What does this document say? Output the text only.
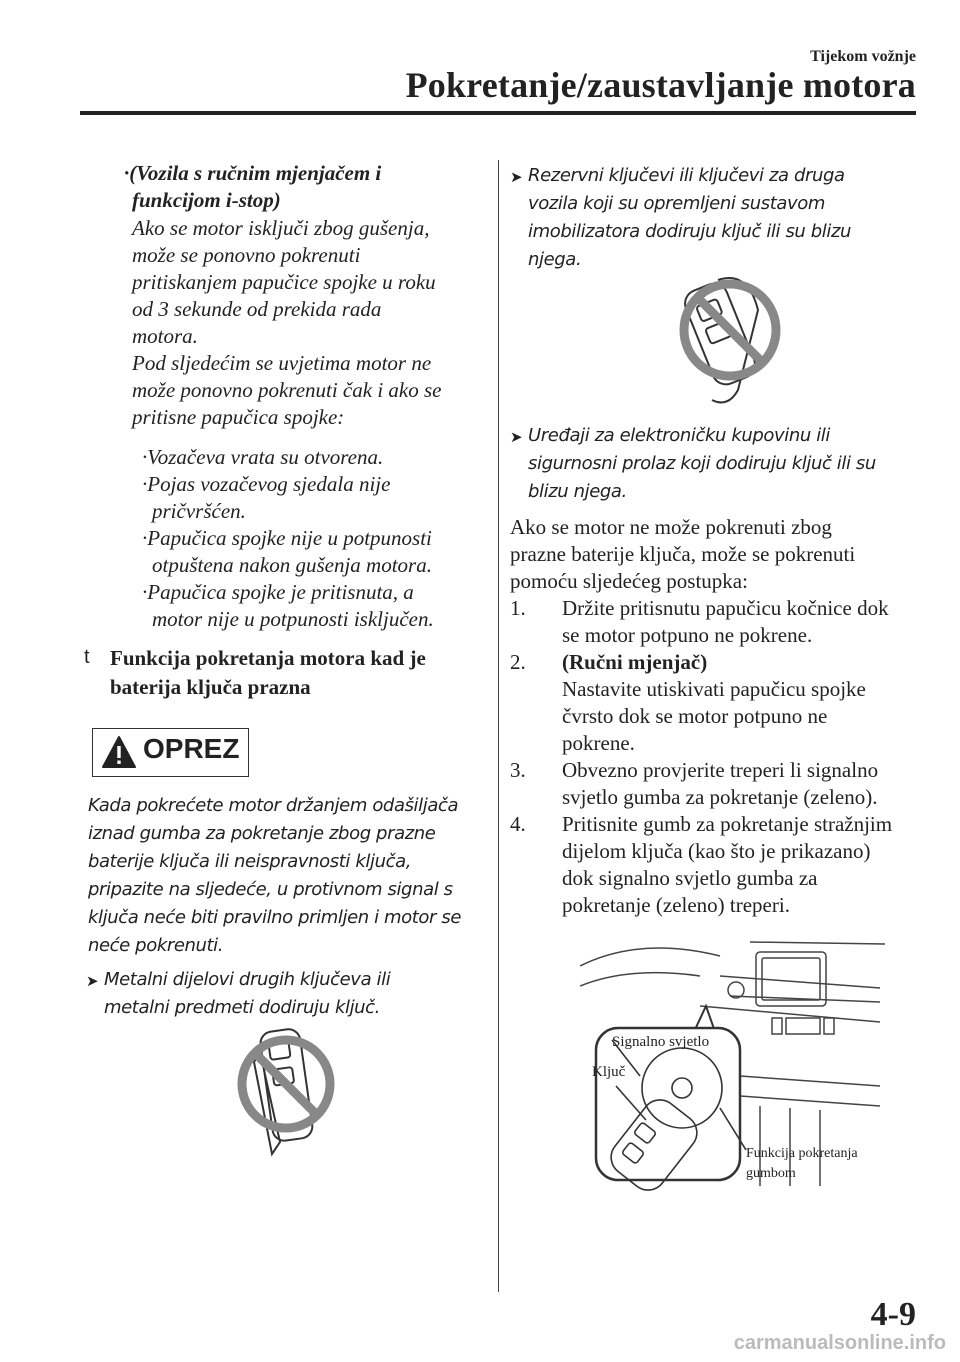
Tijekom vožnje
Pokretanje/zaustavljanje motora
·(Vozila s ručnim mjenjačem i
funkcijom i-stop)
Ako se motor isključi zbog gušenja,
može se ponovno pokrenuti
pritiskanjem papučice spojke u roku
od 3 sekunde od prekida rada
motora.
Pod sljedećim se uvjetima motor ne
može ponovno pokrenuti čak i ako se
pritisne papučica spojke:
·Vozačeva vrata su otvorena.
·Pojas vozačevog sjedala nije
pričvršćen.
·Papučica spojke nije u potpunosti
otpuštena nakon gušenja motora.
·Papučica spojke je pritisnuta, a
motor nije u potpunosti isključen.
t Funkcija pokretanja motora kad je
baterija ključa prazna
OPREZ
Kada pokrećete motor držanjem odašiljača
iznad gumba za pokretanje zbog prazne
baterije ključa ili neispravnosti ključa,
pripazite na sljedeće, u protivnom signal s
ključa neće biti pravilno primljen i motor se
neće pokrenuti.
➤ Metalni dijelovi drugih ključeva ili
metalni predmeti dodiruju ključ.
➤ Rezervni ključevi ili ključevi za druga
vozila koji su opremljeni sustavom
imobilizatora dodiruju ključ ili su blizu
njega.
➤ Uređaji za elektroničku kupovinu ili
sigurnosni prolaz koji dodiruju ključ ili su
blizu njega.
Ako se motor ne može pokrenuti zbog
prazne baterije ključa, može se pokrenuti
pomoću sljedećeg postupka:
1. Držite pritisnutu papučicu kočnice dok
se motor potpuno ne pokrene.
2. (Ručni mjenjač)
Nastavite utiskivati papučicu spojke
čvrsto dok se motor potpuno ne
pokrene.
3. Obvezno provjerite treperi li signalno
svjetlo gumba za pokretanje (zeleno).
4. Pritisnite gumb za pokretanje stražnjim
dijelom ključa (kao što je prikazano)
dok signalno svjetlo gumba za
pokretanje (zeleno) treperi.
Signalno svjetlo
Ključ
Funkcija pokretanja
gumbom
4-9
carmanualsonline.info
